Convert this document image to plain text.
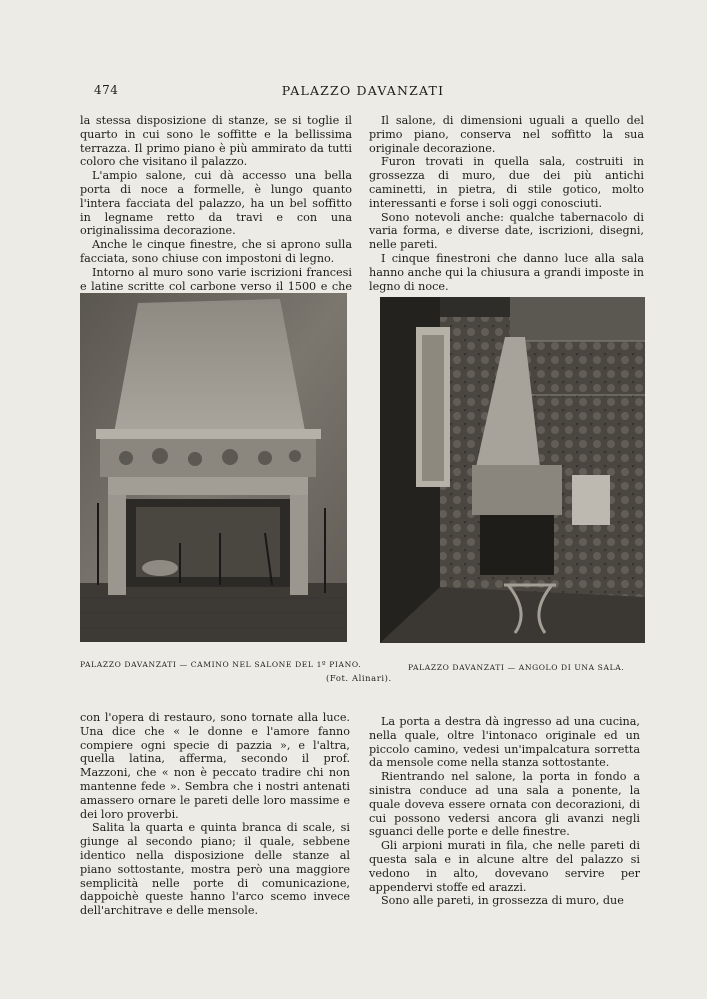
474	PALAZZO DAVANZATI

la stessa disposizione di stanze, se si toglie il quarto in cui sono le soffitte e la bellissima terrazza. Il primo piano è più ammirato da tutti coloro che visitano il palazzo.

L'ampio salone, cui dà accesso una bella porta di noce a formelle, è lungo quanto l'intera facciata del palazzo, ha un bel soffitto in legname retto da travi e con una originalissima decorazione.

Anche le cinque finestre, che si aprono sulla facciata, sono chiuse con impostoni di legno.

Intorno al muro sono varie iscrizioni francesi e latine scritte col carbone verso il 1500 e che

Il salone, di dimensioni uguali a quello del primo piano, conserva nel soffitto la sua originale decorazione.

Furon trovati in quella sala, costruiti in grossezza di muro, due dei più antichi caminetti, in pietra, di stile gotico, molto interessanti e forse i soli oggi conosciuti.

Sono notevoli anche: qualche tabernacolo di varia forma, e diverse date, iscrizioni, disegni, nelle pareti.

I cinque finestroni che danno luce alla sala hanno anche qui la chiusura a grandi imposte in legno di noce.

PALAZZO DAVANZATI — CAMINO NEL SALONE DEL 1º PIANO.
(Fot. Alinari).
PALAZZO DAVANZATI — ANGOLO DI UNA SALA.

con l'opera di restauro, sono tornate alla luce. Una dice che « le donne e l'amore fanno compiere ogni specie di pazzia », e l'altra, quella latina, afferma, secondo il prof. Mazzoni, che « non è peccato tradire chi non mantenne fede ». Sembra che i nostri antenati amassero ornare le pareti delle loro massime e dei loro proverbi.

Salita la quarta e quinta branca di scale, si giunge al secondo piano; il quale, sebbene identico nella disposizione delle stanze al piano sottostante, mostra però una maggiore semplicità nelle porte di comunicazione, dappoichè queste hanno l'arco scemo invece dell'architrave e delle mensole.

La porta a destra dà ingresso ad una cucina, nella quale, oltre l'intonaco originale ed un piccolo camino, vedesi un'impalcatura sorretta da mensole come nella stanza sottostante.

Rientrando nel salone, la porta in fondo a sinistra conduce ad una sala a ponente, la quale doveva essere ornata con decorazioni, di cui possono vedersi ancora gli avanzi negli sguanci delle porte e delle finestre.

Gli arpioni murati in fila, che nelle pareti di questa sala e in alcune altre del palazzo si vedono in alto, dovevano servire per appendervi stoffe ed arazzi.

Sono alle pareti, in grossezza di muro, due
